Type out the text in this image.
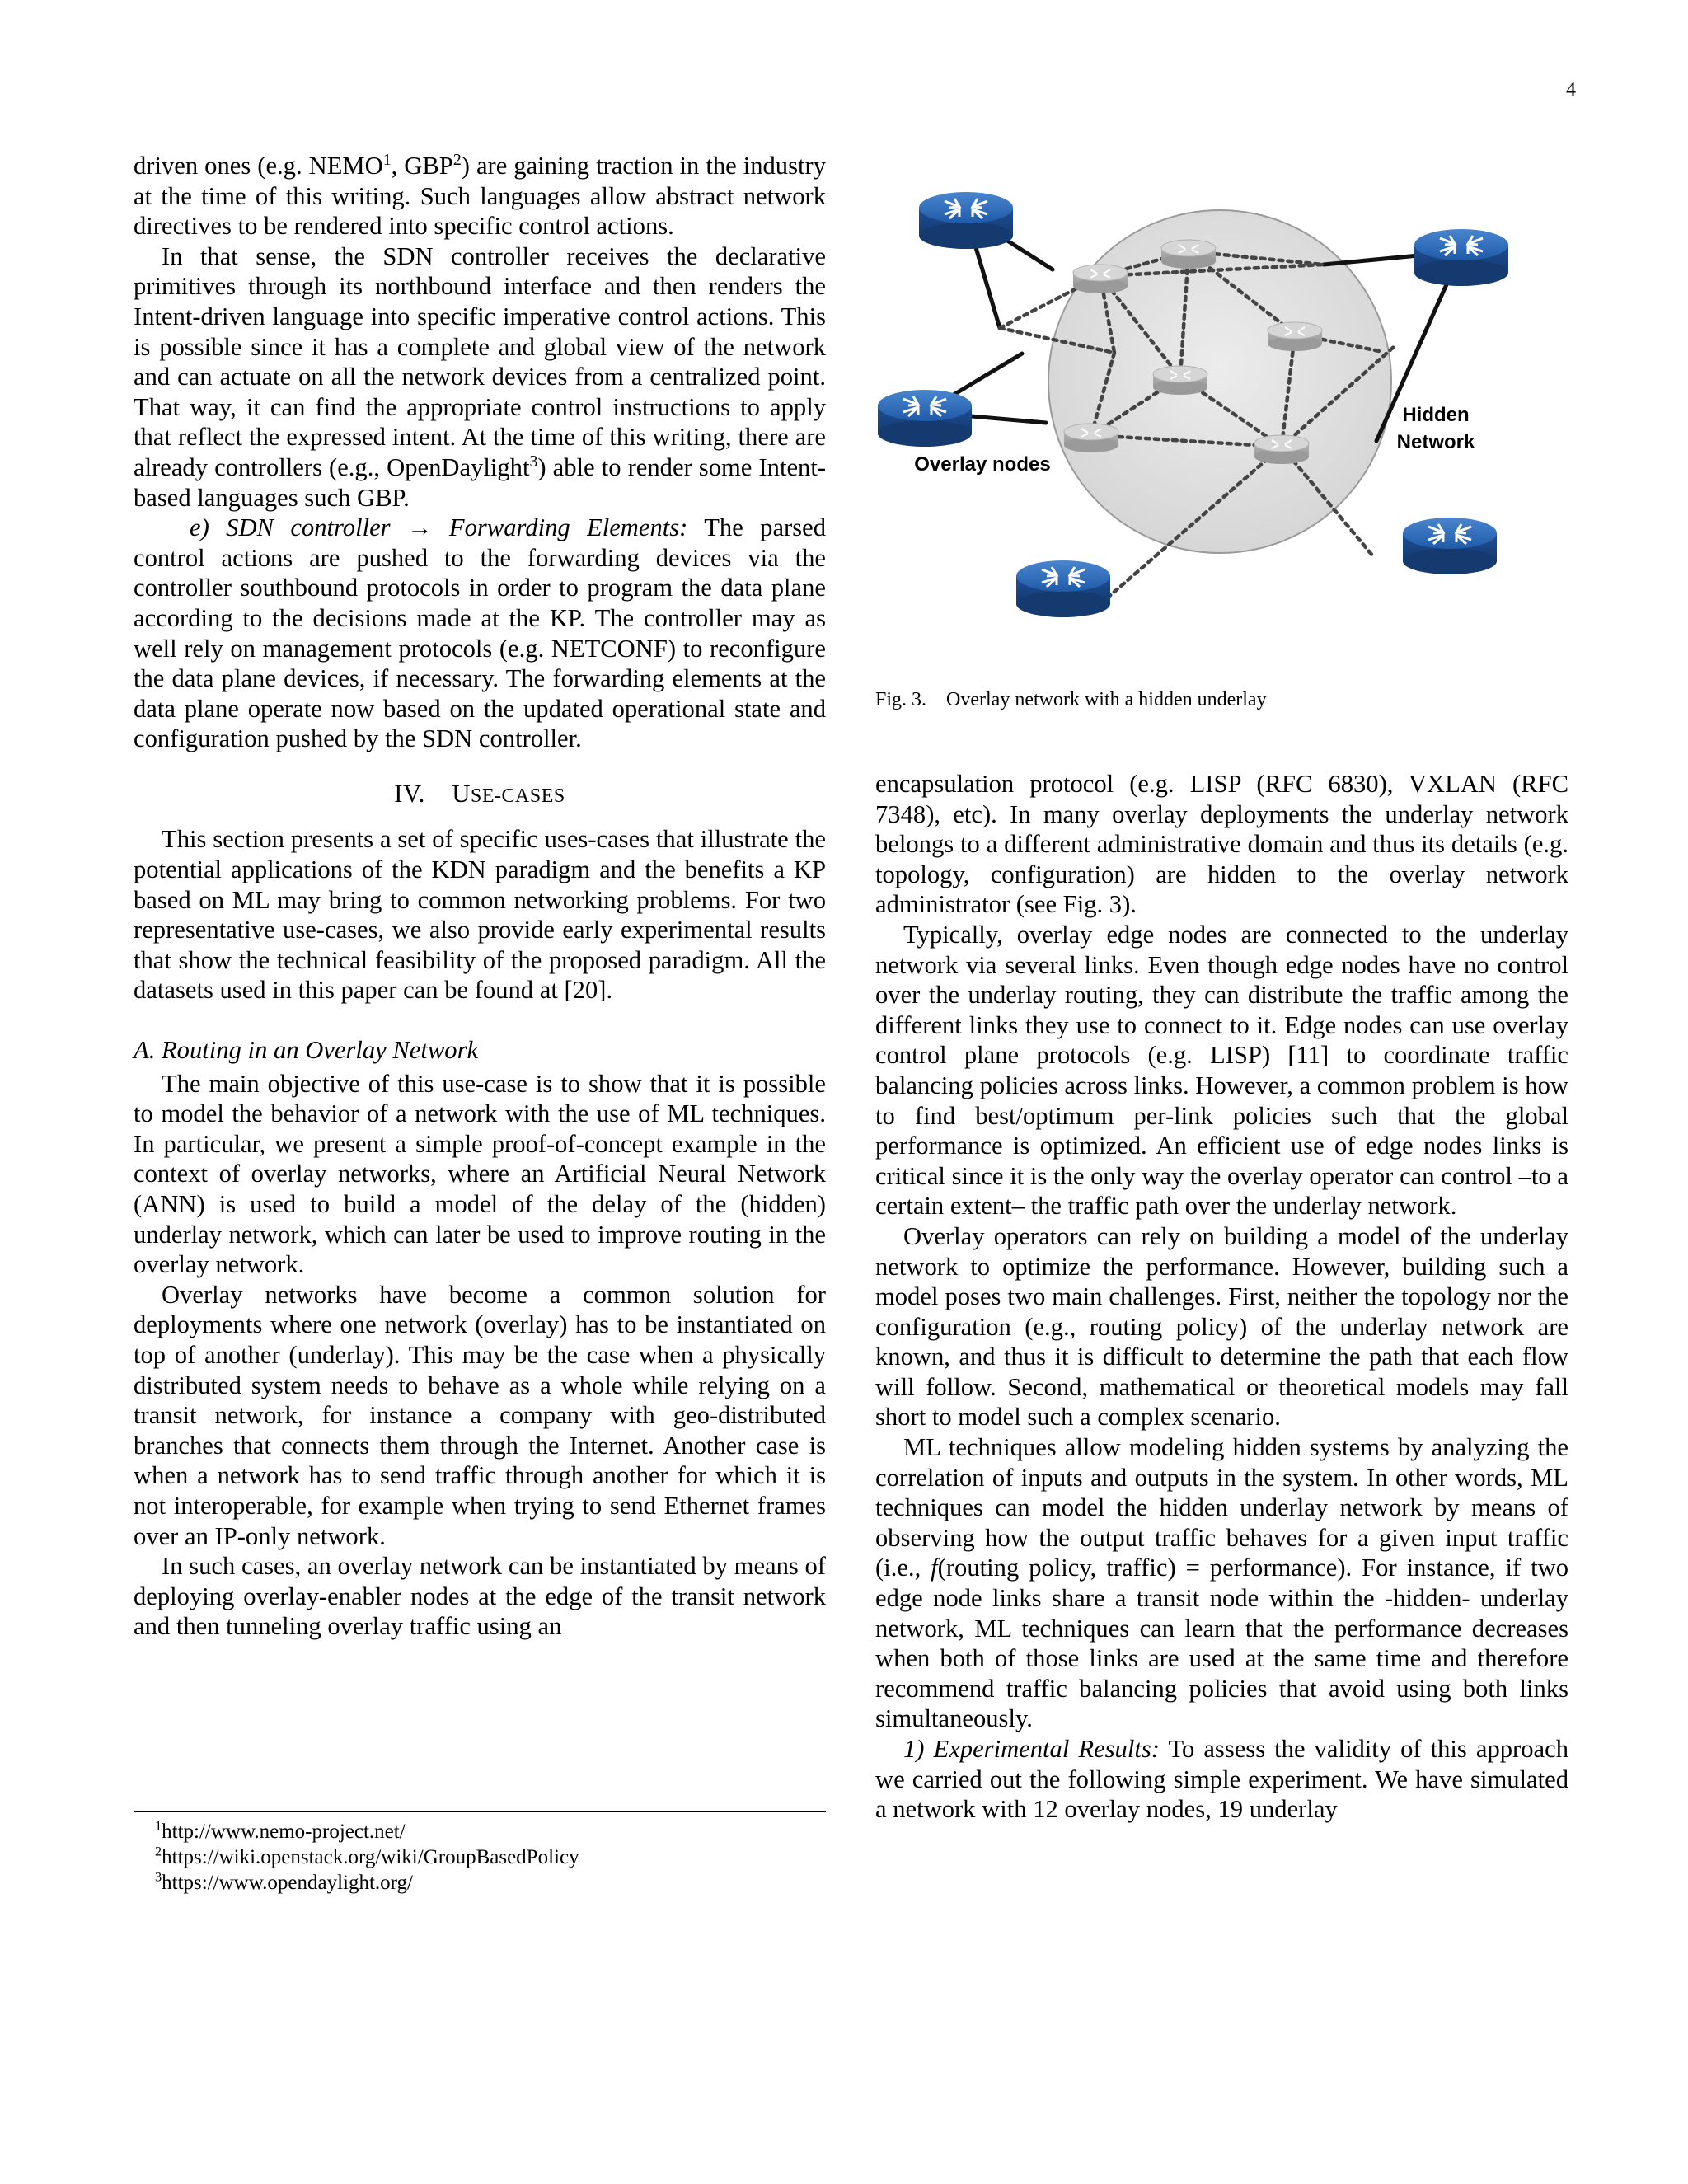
4

driven ones (e.g. NEMO$^1$, GBP$^2$) are gaining traction in the industry at the time of this writing. Such languages allow abstract network directives to be rendered into specific control actions.

In that sense, the SDN controller receives the declarative primitives through its northbound interface and then renders the Intent-driven language into specific imperative control actions. This is possible since it has a complete and global view of the network and can actuate on all the network devices from a centralized point. That way, it can find the appropriate control instructions to apply that reflect the expressed intent. At the time of this writing, there are already controllers (e.g., OpenDaylight$^3$) able to render some Intent-based languages such GBP.

e) SDN controller → Forwarding Elements: The parsed control actions are pushed to the forwarding devices via the controller southbound protocols in order to program the data plane according to the decisions made at the KP. The controller may as well rely on management protocols (e.g. NETCONF) to reconfigure the data plane devices, if necessary. The forwarding elements at the data plane operate now based on the updated operational state and configuration pushed by the SDN controller.

IV. USE-CASES

This section presents a set of specific uses-cases that illustrate the potential applications of the KDN paradigm and the benefits a KP based on ML may bring to common networking problems. For two representative use-cases, we also provide early experimental results that show the technical feasibility of the proposed paradigm. All the datasets used in this paper can be found at [20].

A. Routing in an Overlay Network

The main objective of this use-case is to show that it is possible to model the behavior of a network with the use of ML techniques. In particular, we present a simple proof-of-concept example in the context of overlay networks, where an Artificial Neural Network (ANN) is used to build a model of the delay of the (hidden) underlay network, which can later be used to improve routing in the overlay network.

Overlay networks have become a common solution for deployments where one network (overlay) has to be instantiated on top of another (underlay). This may be the case when a physically distributed system needs to behave as a whole while relying on a transit network, for instance a company with geo-distributed branches that connects them through the Internet. Another case is when a network has to send traffic through another for which it is not interoperable, for example when trying to send Ethernet frames over an IP-only network.

In such cases, an overlay network can be instantiated by means of deploying overlay-enabler nodes at the edge of the transit network and then tunneling overlay traffic using an

$^1$http://www.nemo-project.net/
$^2$https://wiki.openstack.org/wiki/GroupBasedPolicy
$^3$https://www.opendaylight.org/
Hidden
Network
Overlay nodes
Fig. 3. Overlay network with a hidden underlay

encapsulation protocol (e.g. LISP (RFC 6830), VXLAN (RFC 7348), etc). In many overlay deployments the underlay network belongs to a different administrative domain and thus its details (e.g. topology, configuration) are hidden to the overlay network administrator (see Fig. 3).

Typically, overlay edge nodes are connected to the underlay network via several links. Even though edge nodes have no control over the underlay routing, they can distribute the traffic among the different links they use to connect to it. Edge nodes can use overlay control plane protocols (e.g. LISP) [11] to coordinate traffic balancing policies across links. However, a common problem is how to find best/optimum per-link policies such that the global performance is optimized. An efficient use of edge nodes links is critical since it is the only way the overlay operator can control –to a certain extent– the traffic path over the underlay network.

Overlay operators can rely on building a model of the underlay network to optimize the performance. However, building such a model poses two main challenges. First, neither the topology nor the configuration (e.g., routing policy) of the underlay network are known, and thus it is difficult to determine the path that each flow will follow. Second, mathematical or theoretical models may fall short to model such a complex scenario.

ML techniques allow modeling hidden systems by analyzing the correlation of inputs and outputs in the system. In other words, ML techniques can model the hidden underlay network by means of observing how the output traffic behaves for a given input traffic (i.e., f(routing policy, traffic) = performance). For instance, if two edge node links share a transit node within the -hidden- underlay network, ML techniques can learn that the performance decreases when both of those links are used at the same time and therefore recommend traffic balancing policies that avoid using both links simultaneously.

1) Experimental Results: To assess the validity of this approach we carried out the following simple experiment. We have simulated a network with 12 overlay nodes, 19 underlay
